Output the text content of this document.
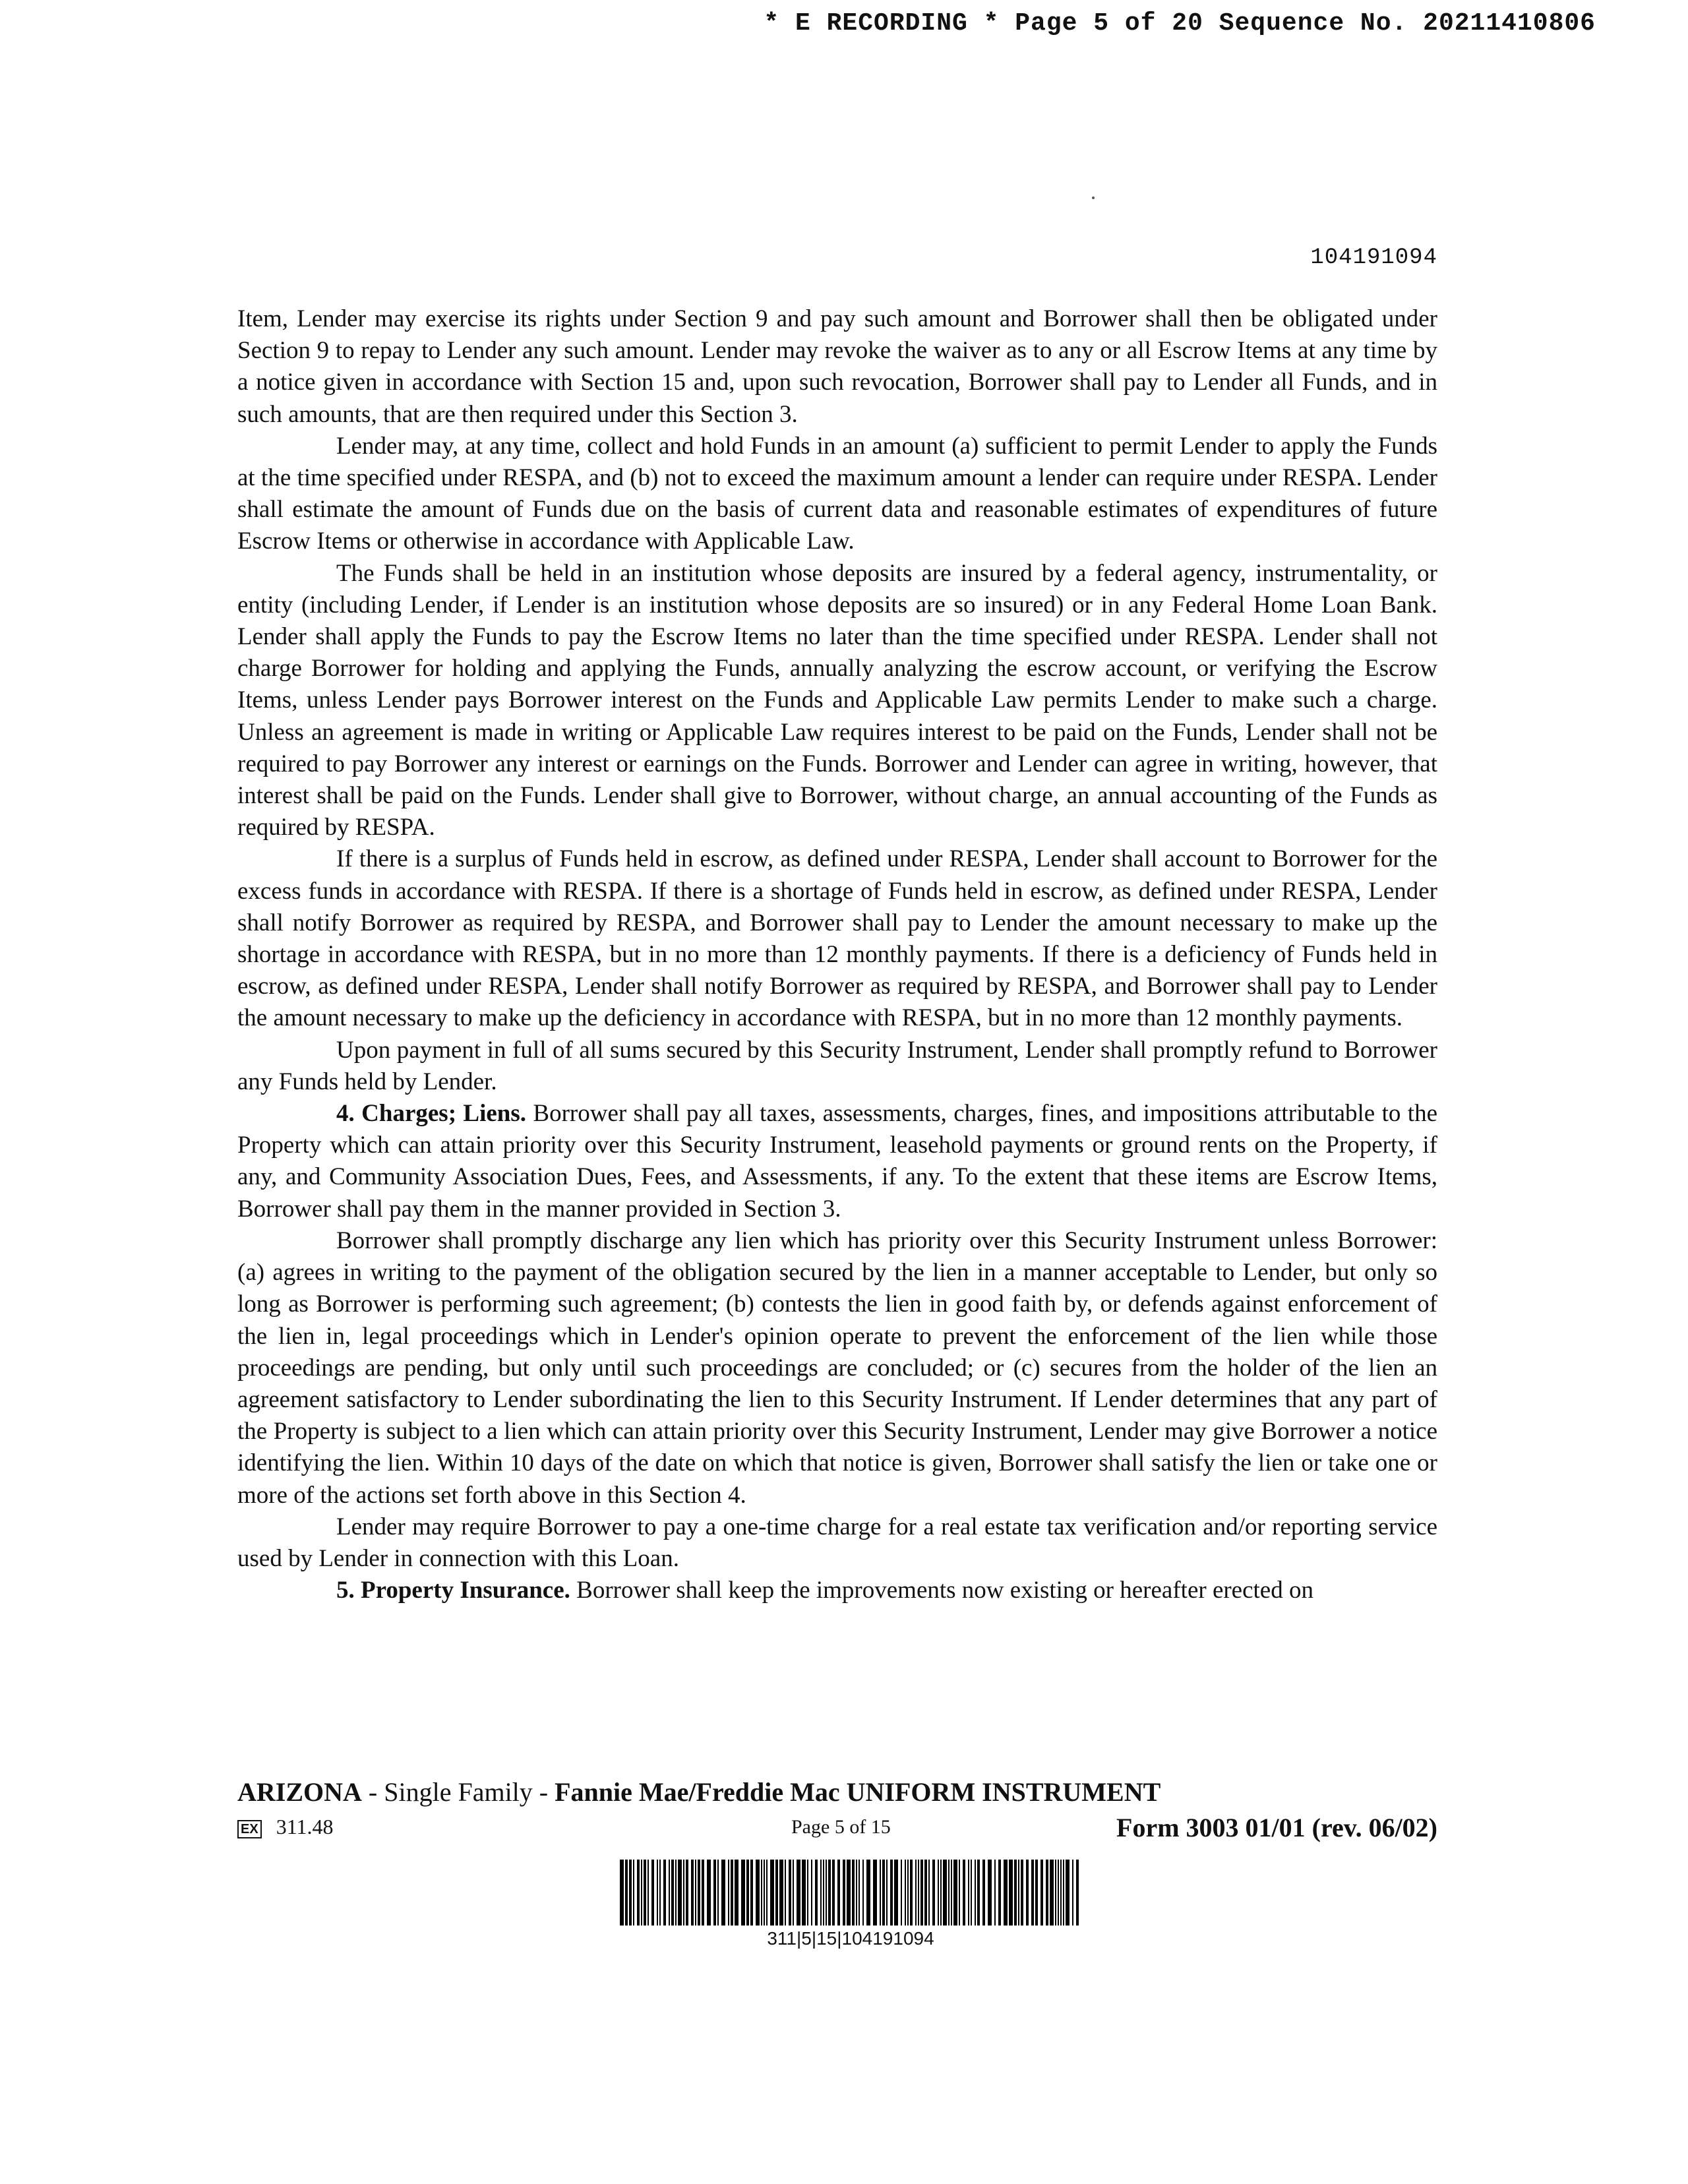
* E RECORDING * Page 5 of 20 Sequence No. 20211410806
104191094

Item, Lender may exercise its rights under Section 9 and pay such amount and Borrower shall then be obligated under Section 9 to repay to Lender any such amount. Lender may revoke the waiver as to any or all Escrow Items at any time by a notice given in accordance with Section 15 and, upon such revocation, Borrower shall pay to Lender all Funds, and in such amounts, that are then required under this Section 3.

Lender may, at any time, collect and hold Funds in an amount (a) sufficient to permit Lender to apply the Funds at the time specified under RESPA, and (b) not to exceed the maximum amount a lender can require under RESPA. Lender shall estimate the amount of Funds due on the basis of current data and reasonable estimates of expenditures of future Escrow Items or otherwise in accordance with Applicable Law.

The Funds shall be held in an institution whose deposits are insured by a federal agency, instrumentality, or entity (including Lender, if Lender is an institution whose deposits are so insured) or in any Federal Home Loan Bank. Lender shall apply the Funds to pay the Escrow Items no later than the time specified under RESPA. Lender shall not charge Borrower for holding and applying the Funds, annually analyzing the escrow account, or verifying the Escrow Items, unless Lender pays Borrower interest on the Funds and Applicable Law permits Lender to make such a charge. Unless an agreement is made in writing or Applicable Law requires interest to be paid on the Funds, Lender shall not be required to pay Borrower any interest or earnings on the Funds. Borrower and Lender can agree in writing, however, that interest shall be paid on the Funds. Lender shall give to Borrower, without charge, an annual accounting of the Funds as required by RESPA.

If there is a surplus of Funds held in escrow, as defined under RESPA, Lender shall account to Borrower for the excess funds in accordance with RESPA. If there is a shortage of Funds held in escrow, as defined under RESPA, Lender shall notify Borrower as required by RESPA, and Borrower shall pay to Lender the amount necessary to make up the shortage in accordance with RESPA, but in no more than 12 monthly payments. If there is a deficiency of Funds held in escrow, as defined under RESPA, Lender shall notify Borrower as required by RESPA, and Borrower shall pay to Lender the amount necessary to make up the deficiency in accordance with RESPA, but in no more than 12 monthly payments.

Upon payment in full of all sums secured by this Security Instrument, Lender shall promptly refund to Borrower any Funds held by Lender.

4. Charges; Liens. Borrower shall pay all taxes, assessments, charges, fines, and impositions attributable to the Property which can attain priority over this Security Instrument, leasehold payments or ground rents on the Property, if any, and Community Association Dues, Fees, and Assessments, if any. To the extent that these items are Escrow Items, Borrower shall pay them in the manner provided in Section 3.

Borrower shall promptly discharge any lien which has priority over this Security Instrument unless Borrower: (a) agrees in writing to the payment of the obligation secured by the lien in a manner acceptable to Lender, but only so long as Borrower is performing such agreement; (b) contests the lien in good faith by, or defends against enforcement of the lien in, legal proceedings which in Lender's opinion operate to prevent the enforcement of the lien while those proceedings are pending, but only until such proceedings are concluded; or (c) secures from the holder of the lien an agreement satisfactory to Lender subordinating the lien to this Security Instrument. If Lender determines that any part of the Property is subject to a lien which can attain priority over this Security Instrument, Lender may give Borrower a notice identifying the lien. Within 10 days of the date on which that notice is given, Borrower shall satisfy the lien or take one or more of the actions set forth above in this Section 4.

Lender may require Borrower to pay a one-time charge for a real estate tax verification and/or reporting service used by Lender in connection with this Loan.

5. Property Insurance. Borrower shall keep the improvements now existing or hereafter erected on

ARIZONA - Single Family - Fannie Mae/Freddie Mac UNIFORM INSTRUMENT
EX 311.48	Page 5 of 15	Form 3003 01/01 (rev. 06/02)
311|5|15|104191094
